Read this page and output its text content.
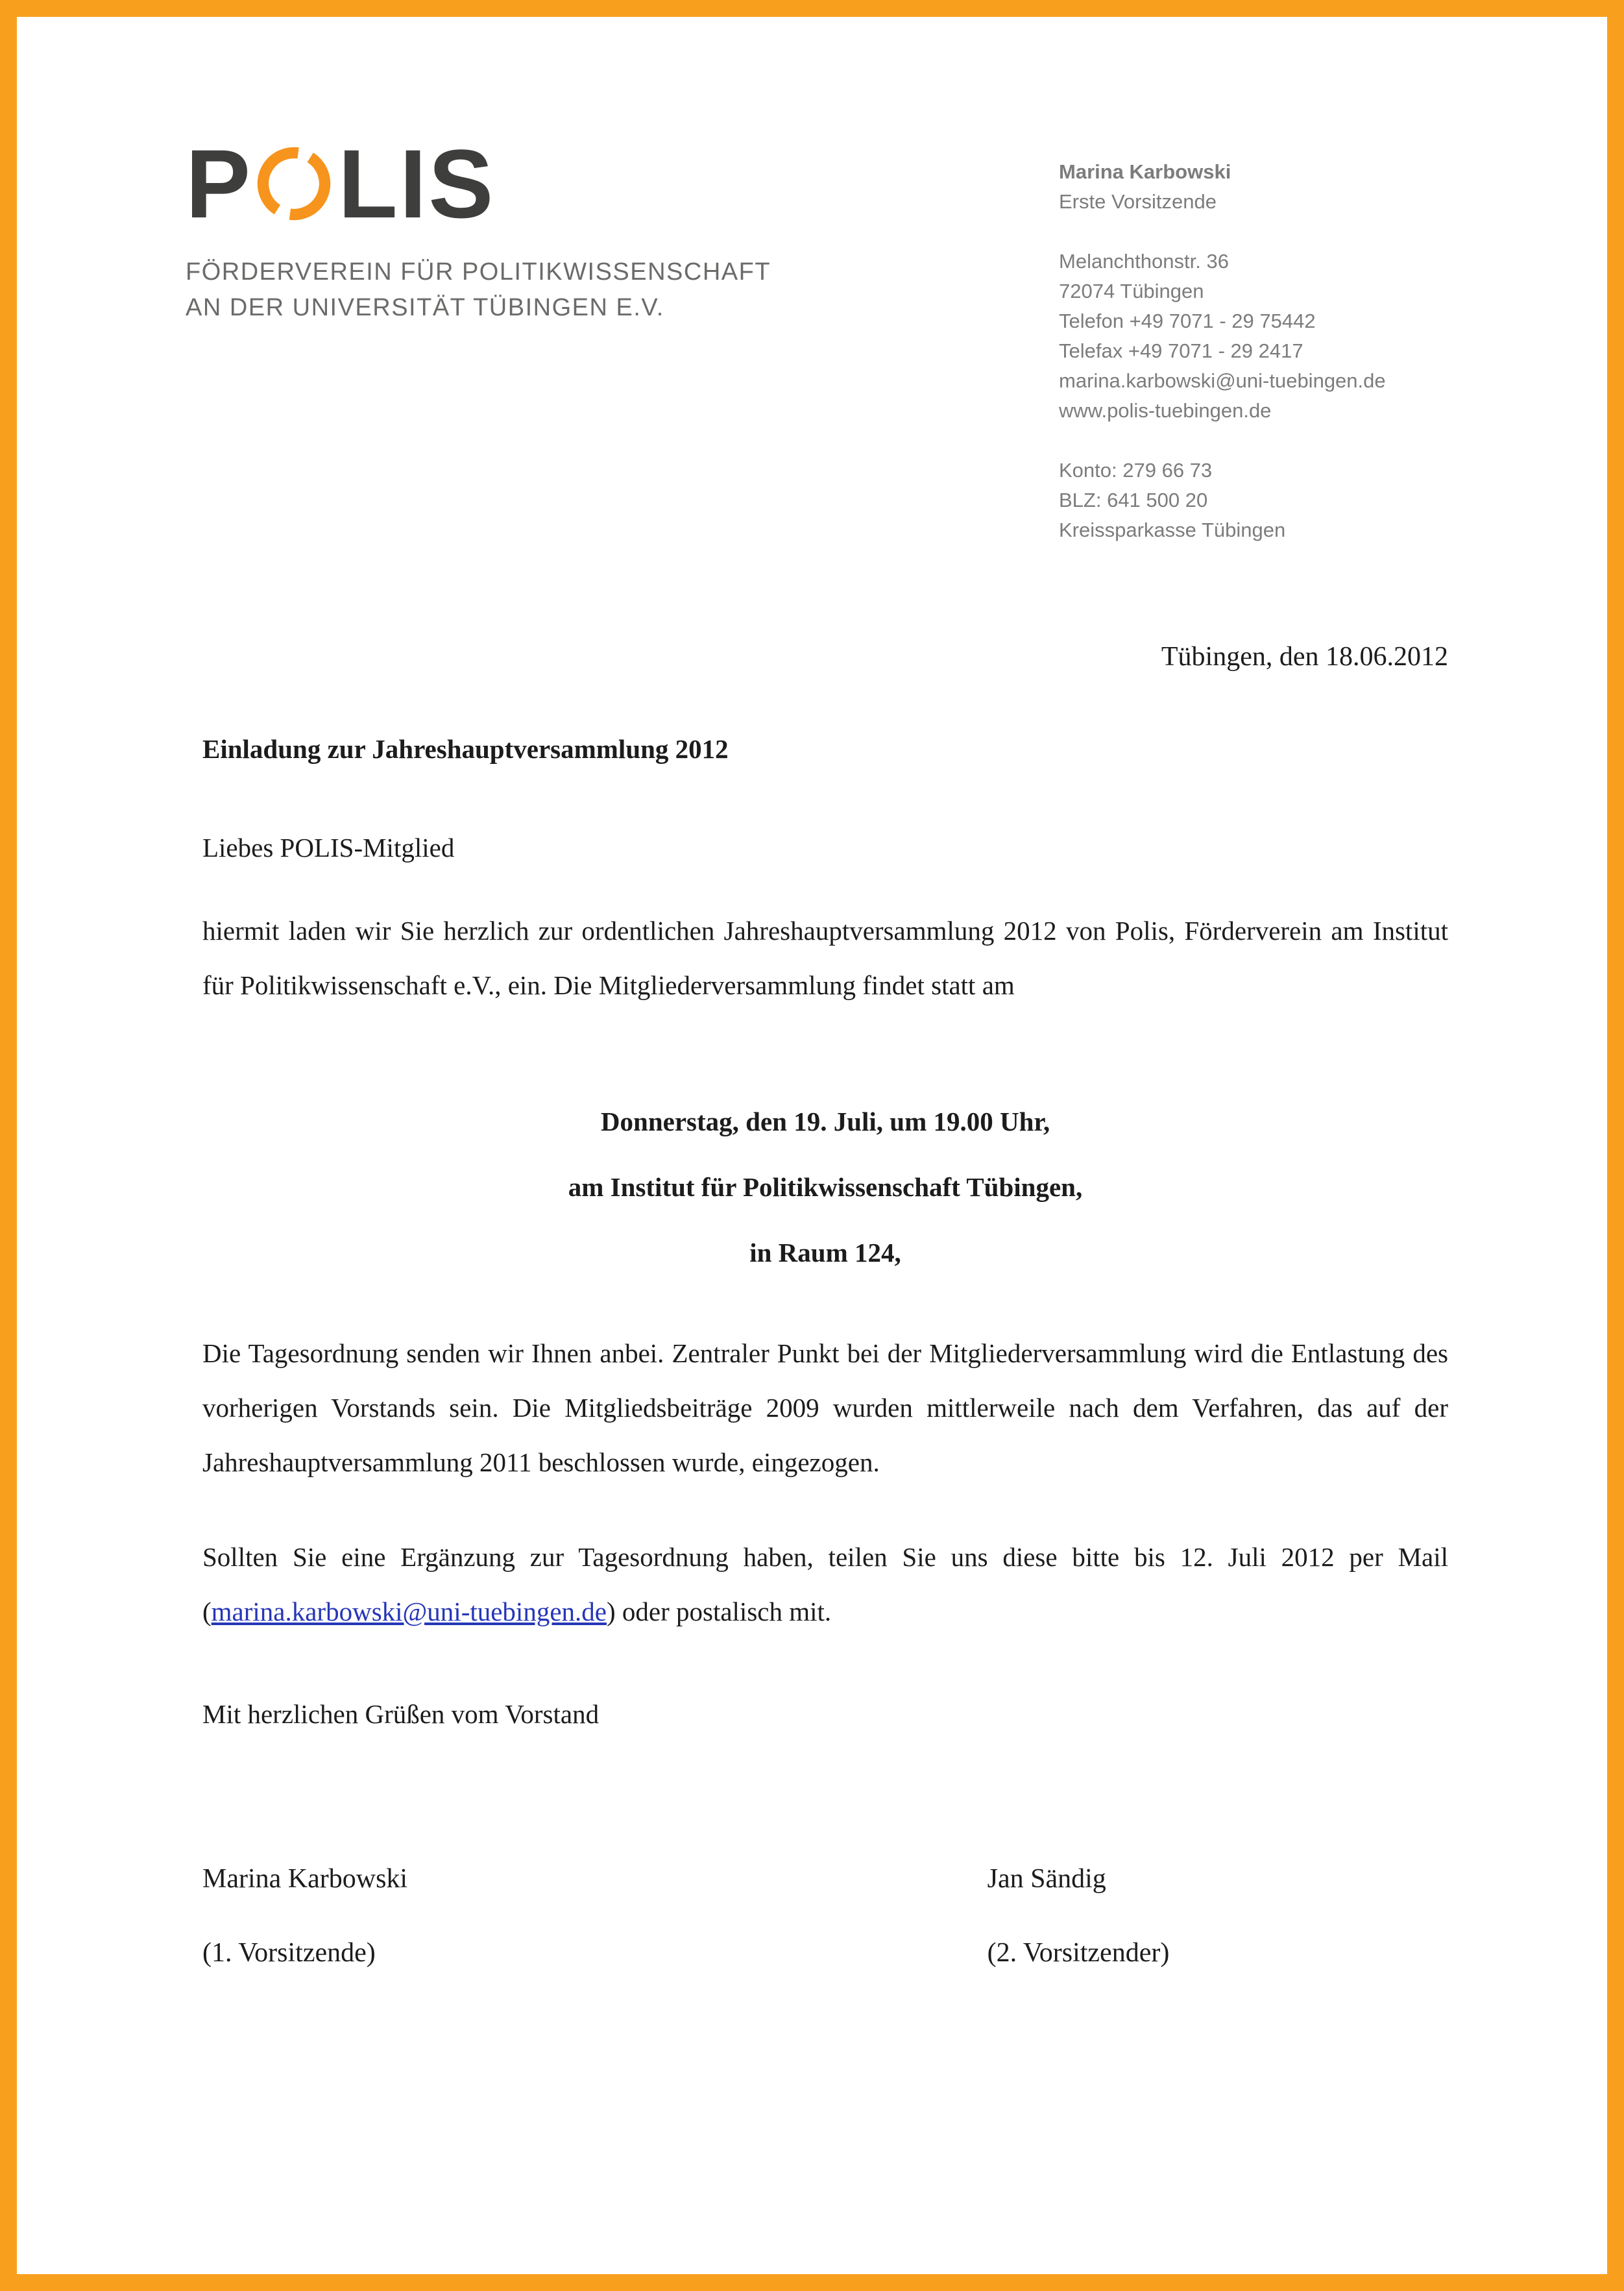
P LIS
FÖRDERVEREIN FÜR POLITIKWISSENSCHAFT
AN DER UNIVERSITÄT TÜBINGEN E.V.
Marina Karbowski
Erste Vorsitzende
Melanchthonstr. 36
72074 Tübingen
Telefon +49 7071 - 29 75442
Telefax +49 7071 - 29 2417
marina.karbowski@uni-tuebingen.de
www.polis-tuebingen.de
Konto: 279 66 73
BLZ: 641 500 20
Kreissparkasse Tübingen

Tübingen, den 18.06.2012

Einladung zur Jahreshauptversammlung 2012

Liebes POLIS-Mitglied

hiermit laden wir Sie herzlich zur ordentlichen Jahreshauptversammlung 2012 von Polis, Förderverein am Institut für Politikwissenschaft e.V., ein. Die Mitgliederversammlung findet statt am

Donnerstag, den 19. Juli, um 19.00 Uhr,

am Institut für Politikwissenschaft Tübingen,

in Raum 124,

Die Tagesordnung senden wir Ihnen anbei. Zentraler Punkt bei der Mitgliederversammlung wird die Entlastung des vorherigen Vorstands sein. Die Mitgliedsbeiträge 2009 wurden mittlerweile nach dem Verfahren, das auf der Jahreshauptversammlung 2011 beschlossen wurde, eingezogen.

Sollten Sie eine Ergänzung zur Tagesordnung haben, teilen Sie uns diese bitte bis 12. Juli 2012 per Mail (marina.karbowski@uni-tuebingen.de) oder postalisch mit.

Mit herzlichen Grüßen vom Vorstand

Marina Karbowski

(1. Vorsitzende)

Jan Sändig

(2. Vorsitzender)
